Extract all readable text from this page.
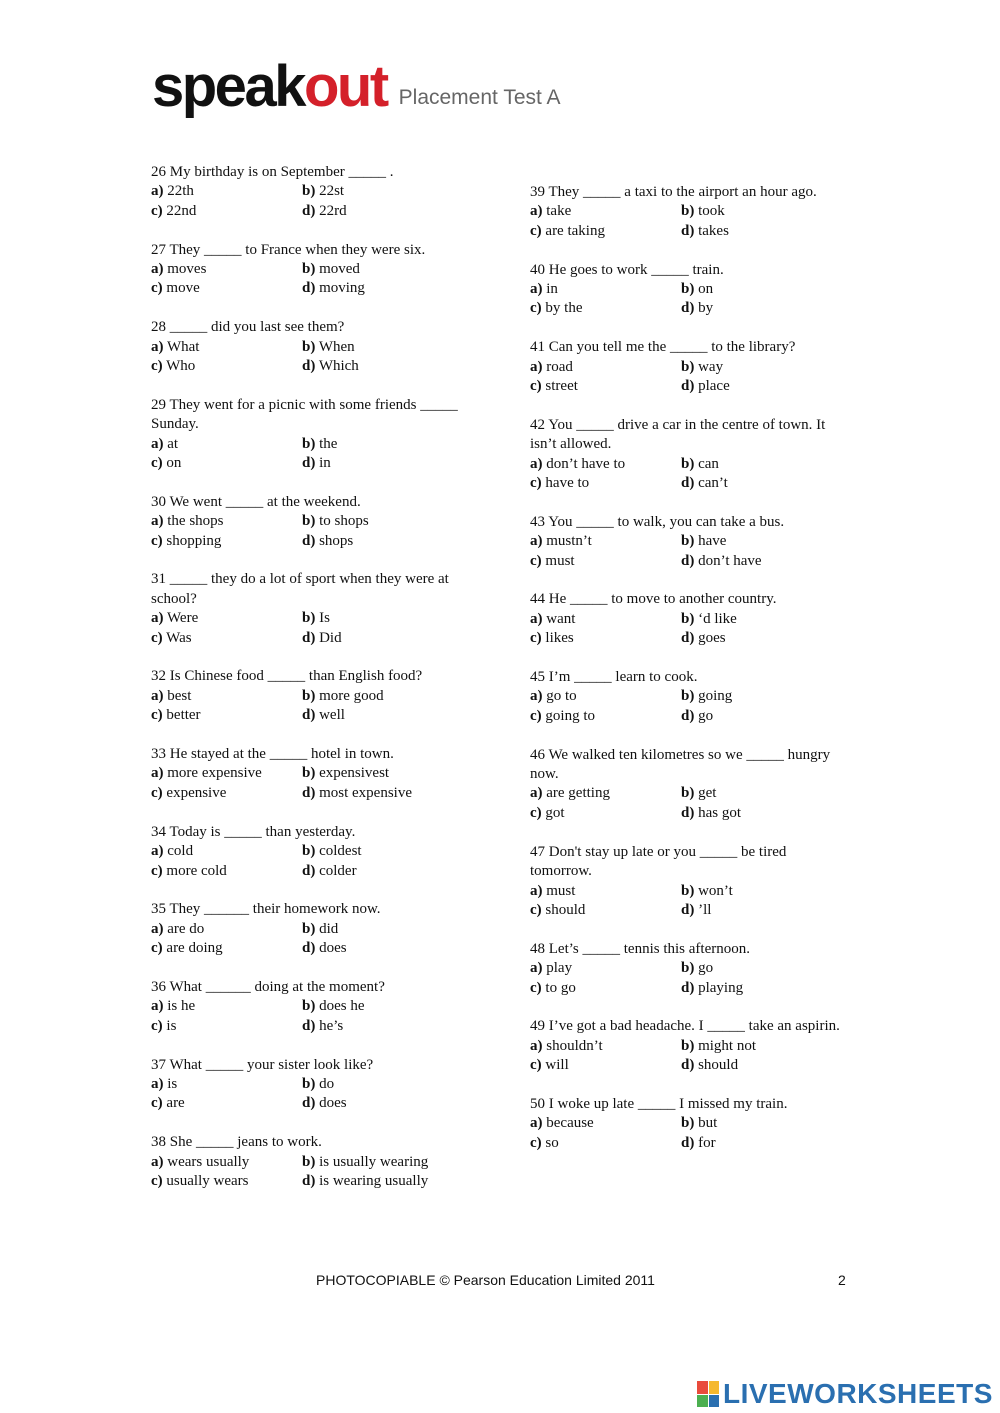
speakout Placement Test A
26 My birthday is on September _____ .
a) 22th	b) 22st
c) 22nd	d) 22rd
27 They _____ to France when they were six.
a) moves	b) moved
c) move	d) moving
28 _____ did you last see them?
a) What	b) When
c) Who	d) Which
29 They went for a picnic with some friends _____ Sunday.
a) at	b) the
c) on	d) in
30 We went _____ at the weekend.
a) the shops	b) to shops
c) shopping	d) shops
31 _____ they do a lot of sport when they were at school?
a) Were	b) Is
c) Was	d) Did
32 Is Chinese food _____ than English food?
a) best	b) more good
c) better	d) well
33 He stayed at the _____ hotel in town.
a) more expensive	b) expensivest
c) expensive	d) most expensive
34 Today is _____ than yesterday.
a) cold	b) coldest
c) more cold	d) colder
35 They ______ their homework now.
a) are do	b) did
c) are doing	d) does
36 What ______ doing at the moment?
a) is he	b) does he
c) is	d) he’s
37 What _____ your sister look like?
a) is	b) do
c) are	d) does
38 She _____ jeans to work.
a) wears usually	b) is usually wearing
c) usually wears	d) is wearing usually
39 They _____ a taxi to the airport an hour ago.
a) take	b) took
c) are taking	d) takes
40 He goes to work _____ train.
a) in	b) on
c) by the	d) by
41 Can you tell me the _____ to the library?
a) road	b) way
c) street	d) place
42 You _____ drive a car in the centre of town. It isn’t allowed.
a) don’t have to	b) can
c) have to	d) can’t
43 You _____ to walk, you can take a bus.
a) mustn’t	b) have
c) must	d) don’t have
44 He _____ to move to another country.
a) want	b) ‘d like
c) likes	d) goes
45 I’m _____ learn to cook.
a) go to	b) going
c) going to	d) go
46 We walked ten kilometres so we _____ hungry now.
a) are getting	b) get
c) got	d) has got
47 Don't stay up late or you _____ be tired tomorrow.
a) must	b) won’t
c) should	d) ’ll
48 Let’s _____ tennis this afternoon.
a) play	b) go
c) to go	d) playing
49 I’ve got a bad headache. I _____ take an aspirin.
a) shouldn’t	b) might not
c) will	d) should
50 I woke up late _____ I missed my train.
a) because	b) but
c) so	d) for
PHOTOCOPIABLE © Pearson Education Limited 2011	2
LIVEWORKSHEETS
